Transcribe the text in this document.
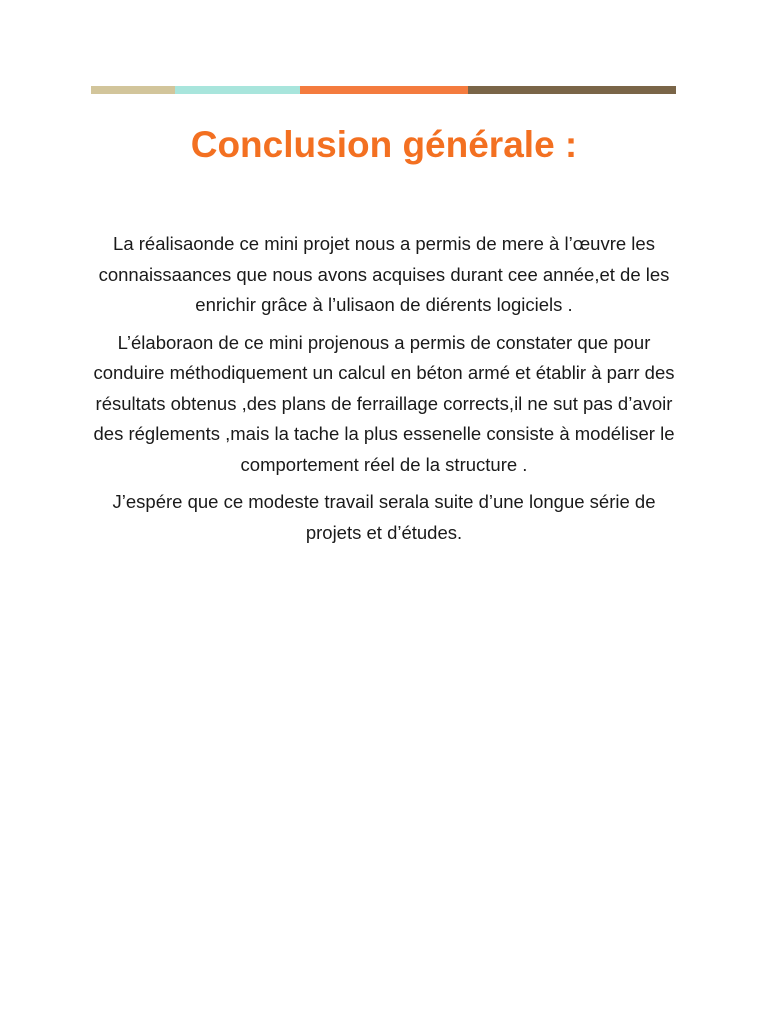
Conclusion générale :

La réalisaonde ce mini projet nous a permis de mere à l’œuvre les connaissaances que nous avons acquises durant cee année,et de les enrichir grâce à l’ulisaon de diérents logiciels .

L’élaboraon de ce mini projenous a permis de constater que pour conduire méthodiquement un calcul en béton armé et établir à parr des résultats obtenus ,des plans de ferraillage corrects,il ne sut pas d’avoir des réglements ,mais la tache la plus essenelle consiste à modéliser le comportement réel de la structure .

J’espére que ce modeste travail serala suite d’une longue série de projets et d’études.
